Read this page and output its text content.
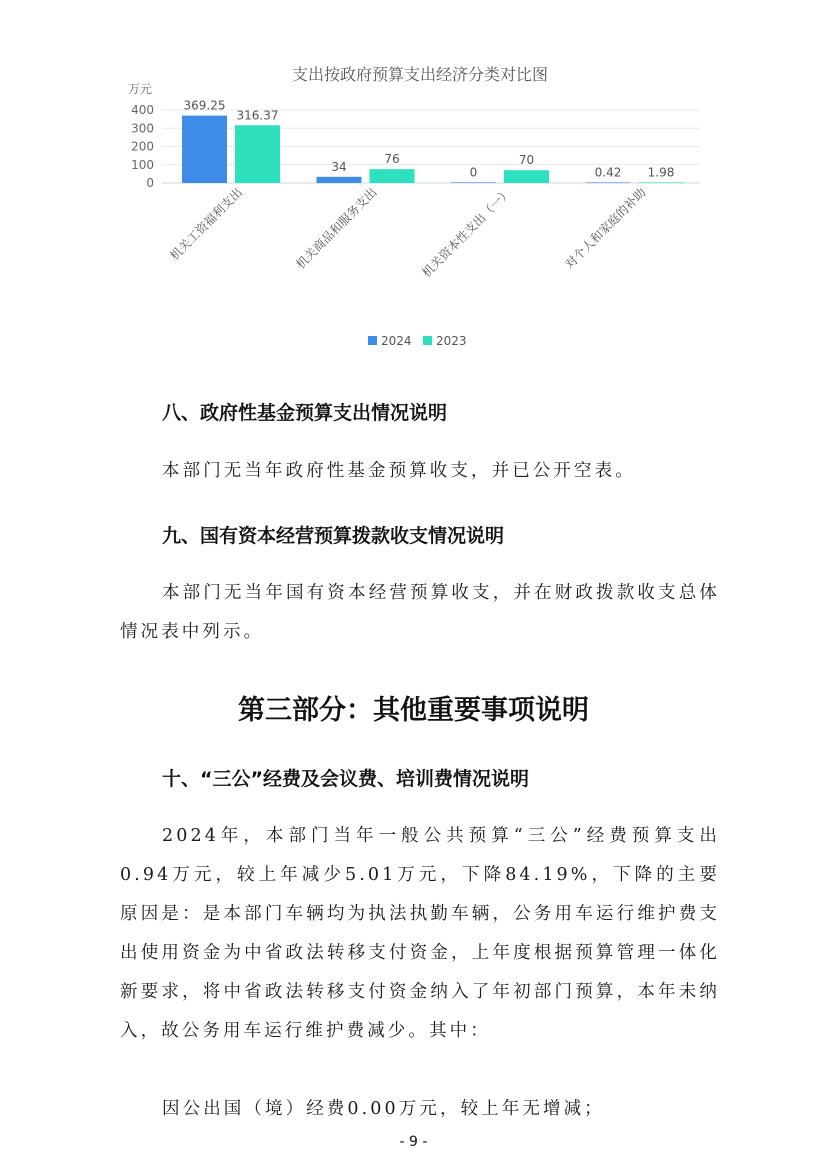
支出按政府预算支出经济分类对比图
万元
0
100
200
300
400 369.25
316.37
机关工资福利支出
34
76
机关商品和服务支出
0
70
机关资本性支出（一）
0.42 1.98
对个人和家庭的补助
2024 2023
八、政府性基金预算支出情况说明
本部门无当年政府性基金预算收支，并已公开空表。
九、国有资本经营预算拨款收支情况说明
本部门无当年国有资本经营预算收支，并在财政拨款收支总体情况表中列示。
第三部分：其他重要事项说明
十、“三公”经费及会议费、培训费情况说明
2024年，本部门当年一般公共预算“三公”经费预算支出0.94万元，较上年减少5.01万元，下降84.19%，下降的主要原因是：是本部门车辆均为执法执勤车辆，公务用车运行维护费支出使用资金为中省政法转移支付资金，上年度根据预算管理一体化新要求，将中省政法转移支付资金纳入了年初部门预算，本年未纳入，故公务用车运行维护费减少。其中：
因公出国（境）经费0.00万元，较上年无增减；
- 9 -
